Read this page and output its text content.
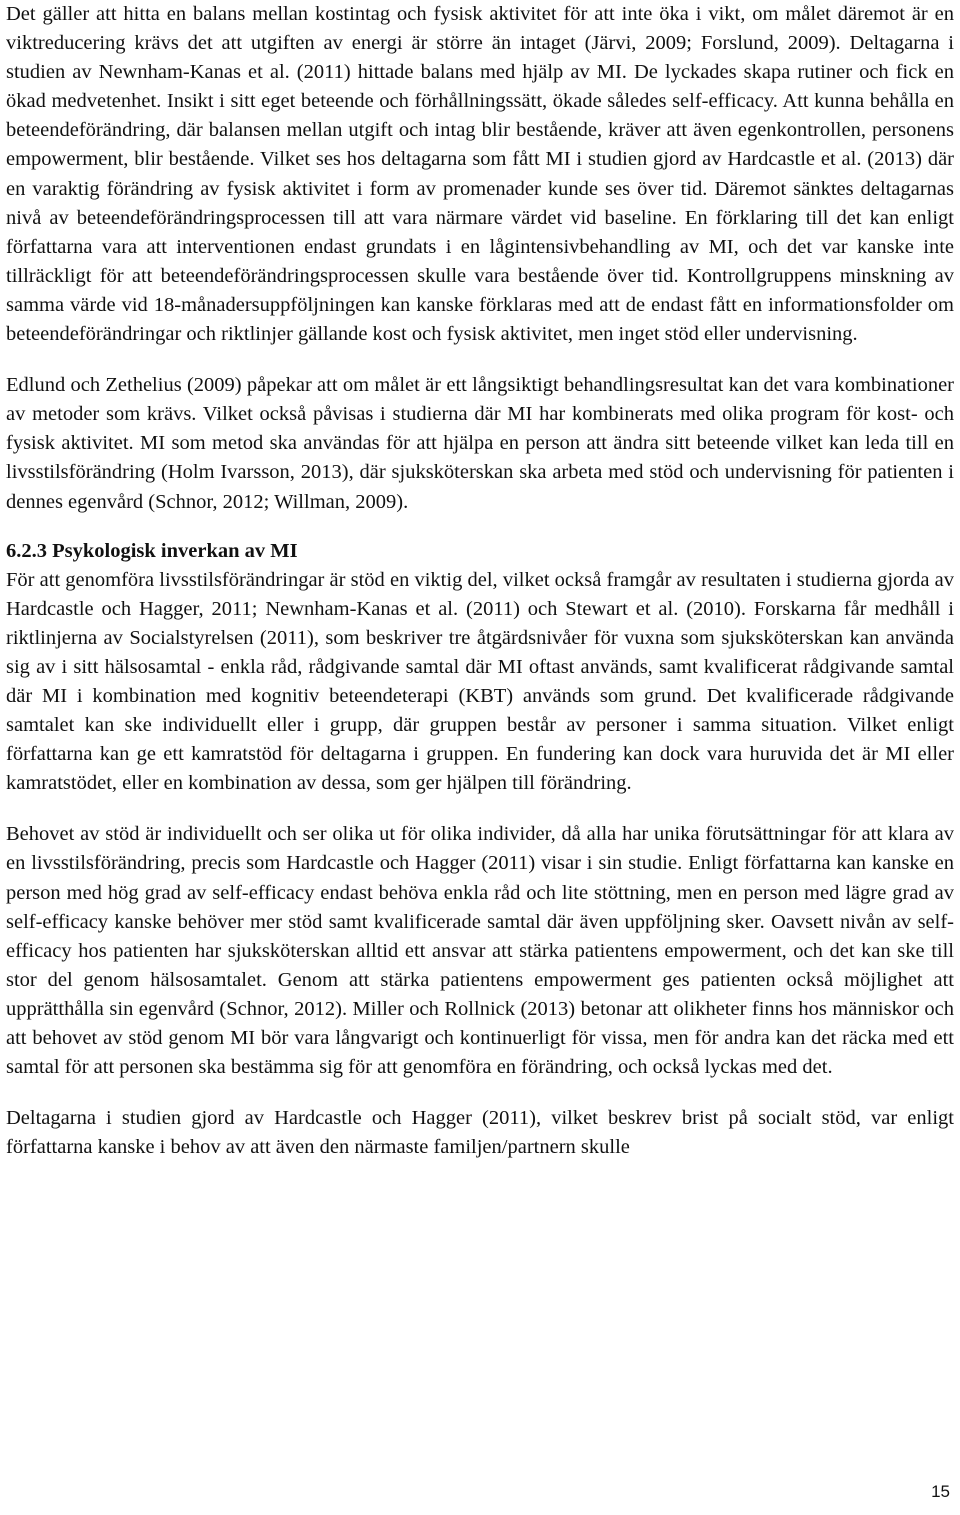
Det gäller att hitta en balans mellan kostintag och fysisk aktivitet för att inte öka i vikt, om målet däremot är en viktreducering krävs det att utgiften av energi är större än intaget (Järvi, 2009; Forslund, 2009). Deltagarna i studien av Newnham-Kanas et al. (2011) hittade balans med hjälp av MI. De lyckades skapa rutiner och fick en ökad medvetenhet. Insikt i sitt eget beteende och förhållningssätt, ökade således self-efficacy. Att kunna behålla en beteendeförändring, där balansen mellan utgift och intag blir bestående, kräver att även egenkontrollen, personens empowerment, blir bestående. Vilket ses hos deltagarna som fått MI i studien gjord av Hardcastle et al. (2013) där en varaktig förändring av fysisk aktivitet i form av promenader kunde ses över tid. Däremot sänktes deltagarnas nivå av beteendeförändringsprocessen till att vara närmare värdet vid baseline. En förklaring till det kan enligt författarna vara att interventionen endast grundats i en lågintensivbehandling av MI, och det var kanske inte tillräckligt för att beteendeförändringsprocessen skulle vara bestående över tid. Kontrollgruppens minskning av samma värde vid 18-månadersuppföljningen kan kanske förklaras med att de endast fått en informationsfolder om beteendeförändringar och riktlinjer gällande kost och fysisk aktivitet, men inget stöd eller undervisning.

Edlund och Zethelius (2009) påpekar att om målet är ett långsiktigt behandlingsresultat kan det vara kombinationer av metoder som krävs. Vilket också påvisas i studierna där MI har kombinerats med olika program för kost- och fysisk aktivitet. MI som metod ska användas för att hjälpa en person att ändra sitt beteende vilket kan leda till en livsstilsförändring (Holm Ivarsson, 2013), där sjuksköterskan ska arbeta med stöd och undervisning för patienten i dennes egenvård (Schnor, 2012; Willman, 2009).

6.2.3 Psykologisk inverkan av MI

För att genomföra livsstilsförändringar är stöd en viktig del, vilket också framgår av resultaten i studierna gjorda av Hardcastle och Hagger, 2011; Newnham-Kanas et al. (2011) och Stewart et al. (2010). Forskarna får medhåll i riktlinjerna av Socialstyrelsen (2011), som beskriver tre åtgärdsnivåer för vuxna som sjuksköterskan kan använda sig av i sitt hälsosamtal - enkla råd, rådgivande samtal där MI oftast används, samt kvalificerat rådgivande samtal där MI i kombination med kognitiv beteendeterapi (KBT) används som grund. Det kvalificerade rådgivande samtalet kan ske individuellt eller i grupp, där gruppen består av personer i samma situation. Vilket enligt författarna kan ge ett kamratstöd för deltagarna i gruppen. En fundering kan dock vara huruvida det är MI eller kamratstödet, eller en kombination av dessa, som ger hjälpen till förändring.

Behovet av stöd är individuellt och ser olika ut för olika individer, då alla har unika förutsättningar för att klara av en livsstilsförändring, precis som Hardcastle och Hagger (2011) visar i sin studie. Enligt författarna kan kanske en person med hög grad av self-efficacy endast behöva enkla råd och lite stöttning, men en person med lägre grad av self-efficacy kanske behöver mer stöd samt kvalificerade samtal där även uppföljning sker. Oavsett nivån av self-efficacy hos patienten har sjuksköterskan alltid ett ansvar att stärka patientens empowerment, och det kan ske till stor del genom hälsosamtalet. Genom att stärka patientens empowerment ges patienten också möjlighet att upprätthålla sin egenvård (Schnor, 2012). Miller och Rollnick (2013) betonar att olikheter finns hos människor och att behovet av stöd genom MI bör vara långvarigt och kontinuerligt för vissa, men för andra kan det räcka med ett samtal för att personen ska bestämma sig för att genomföra en förändring, och också lyckas med det.

Deltagarna i studien gjord av Hardcastle och Hagger (2011), vilket beskrev brist på socialt stöd, var enligt författarna kanske i behov av att även den närmaste familjen/partnern skulle

15
